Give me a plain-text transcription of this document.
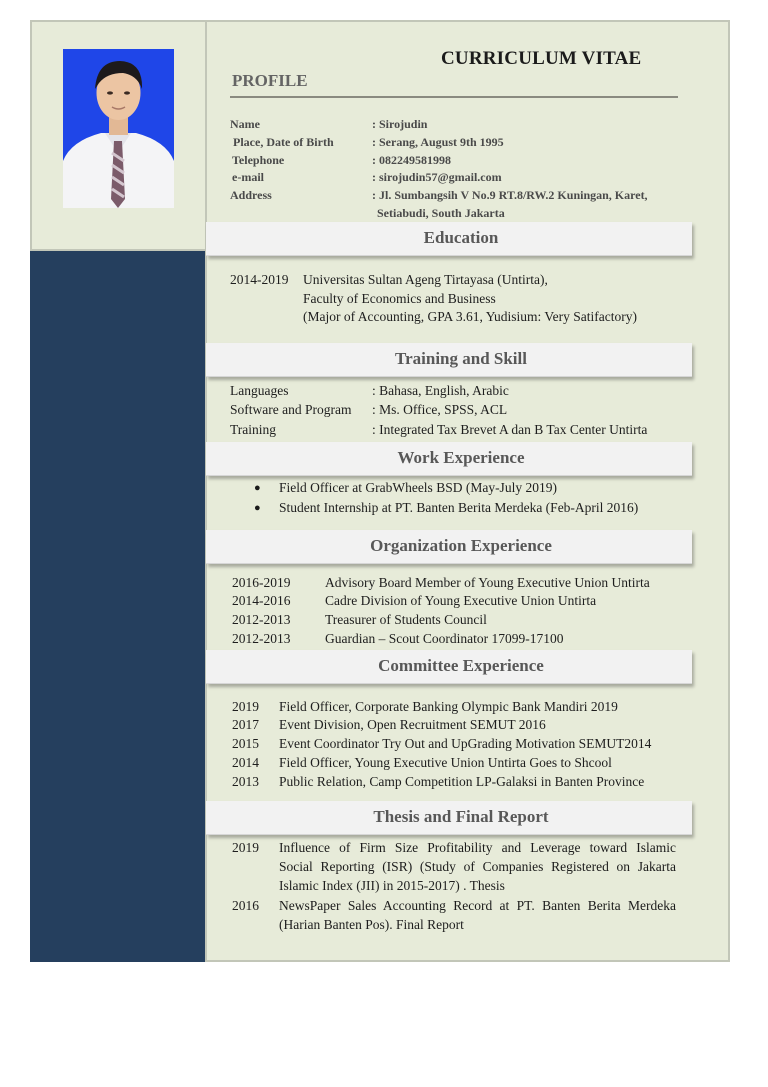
CURRICULUM VITAE
PROFILE
Name	: Sirojudin
Place, Date of Birth	: Serang, August 9th 1995
Telephone	: 082249581998
e-mail	: sirojudin57@gmail.com
Address	: Jl. Sumbangsih V No.9 RT.8/RW.2 Kuningan, Karet,
Setiabudi, South Jakarta
Education
2014-2019 Universitas Sultan Ageng Tirtayasa (Untirta),
Faculty of Economics and Business
(Major of Accounting, GPA 3.61, Yudisium: Very Satifactory)
Training and Skill
Languages	: Bahasa, English, Arabic
Software and Program : Ms. Office, SPSS, ACL
Training	: Integrated Tax Brevet A dan B Tax Center Untirta
Work Experience
● Field Officer at GrabWheels BSD (May-July 2019)
● Student Internship at PT. Banten Berita Merdeka (Feb-April 2016)
Organization Experience
2016-2019	Advisory Board Member of Young Executive Union Untirta
2014-2016	Cadre Division of Young Executive Union Untirta
2012-2013	Treasurer of Students Council
2012-2013	Guardian – Scout Coordinator 17099-17100
Committee Experience
2019 Field Officer, Corporate Banking Olympic Bank Mandiri 2019
2017 Event Division, Open Recruitment SEMUT 2016
2015 Event Coordinator Try Out and UpGrading Motivation SEMUT2014
2014 Field Officer, Young Executive Union Untirta Goes to Shcool
2013 Public Relation, Camp Competition LP-Galaksi in Banten Province
Thesis and Final Report
2019 Influence of Firm Size Profitability and Leverage toward Islamic
Social Reporting (ISR) (Study of Companies Registered on Jakarta
Islamic Index (JII) in 2015-2017) . Thesis
2016 NewsPaper Sales Accounting Record at PT. Banten Berita Merdeka
(Harian Banten Pos). Final Report
